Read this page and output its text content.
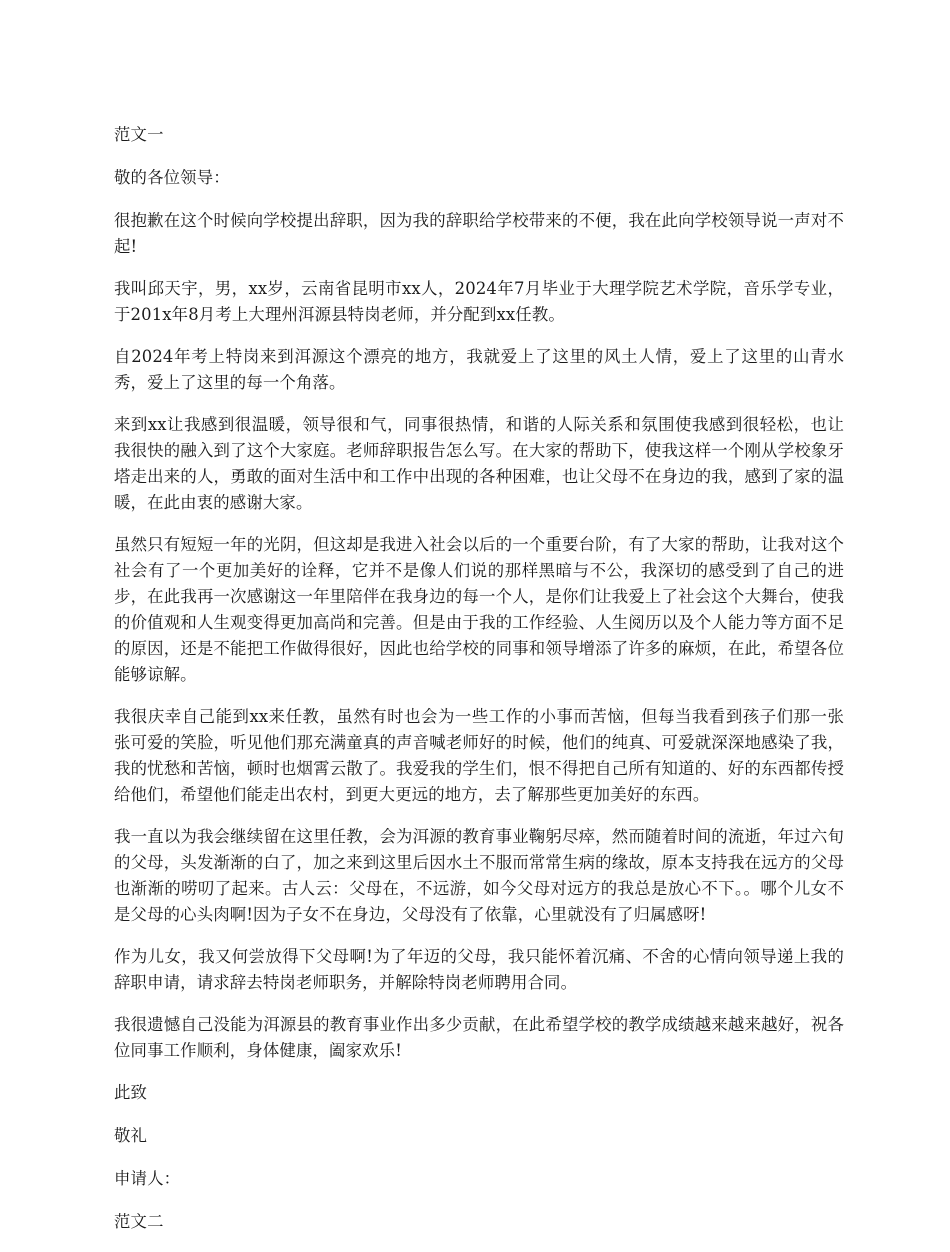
范文一

敬的各位领导：

很抱歉在这个时候向学校提出辞职，因为我的辞职给学校带来的不便，我在此向学校领导说一声对不起!

我叫邱天宇，男，xx岁，云南省昆明市xx人，2024年7月毕业于大理学院艺术学院，音乐学专业，于201x年8月考上大理州洱源县特岗老师，并分配到xx任教。

自2024年考上特岗来到洱源这个漂亮的地方，我就爱上了这里的风土人情，爱上了这里的山青水秀，爱上了这里的每一个角落。

来到xx让我感到很温暖，领导很和气，同事很热情，和谐的人际关系和氛围使我感到很轻松，也让我很快的融入到了这个大家庭。老师辞职报告怎么写。在大家的帮助下，使我这样一个刚从学校象牙塔走出来的人，勇敢的面对生活中和工作中出现的各种困难，也让父母不在身边的我，感到了家的温暖，在此由衷的感谢大家。

虽然只有短短一年的光阴，但这却是我进入社会以后的一个重要台阶，有了大家的帮助，让我对这个社会有了一个更加美好的诠释，它并不是像人们说的那样黑暗与不公，我深切的感受到了自己的进步，在此我再一次感谢这一年里陪伴在我身边的每一个人，是你们让我爱上了社会这个大舞台，使我的价值观和人生观变得更加高尚和完善。但是由于我的工作经验、人生阅历以及个人能力等方面不足的原因，还是不能把工作做得很好，因此也给学校的同事和领导增添了许多的麻烦，在此，希望各位能够谅解。

我很庆幸自己能到xx来任教，虽然有时也会为一些工作的小事而苦恼，但每当我看到孩子们那一张张可爱的笑脸，听见他们那充满童真的声音喊老师好的时候，他们的纯真、可爱就深深地感染了我，我的忧愁和苦恼，顿时也烟霄云散了。我爱我的学生们，恨不得把自己所有知道的、好的东西都传授 给他们，希望他们能走出农村，到更大更远的地方，去了解那些更加美好的东西。

我一直以为我会继续留在这里任教，会为洱源的教育事业鞠躬尽瘁，然而随着时间的流逝，年过六旬的父母，头发渐渐的白了，加之来到这里后因水土不服而常常生病的缘故，原本支持我在远方的父母也渐渐的唠叨了起来。古人云：父母在，不远游，如今父母对远方的我总是放心不下。。哪个儿女不是父母的心头肉啊!因为子女不在身边，父母没有了依靠，心里就没有了归属感呀!

作为儿女，我又何尝放得下父母啊!为了年迈的父母，我只能怀着沉痛、不舍的心情向领导递上我的辞职申请，请求辞去特岗老师职务，并解除特岗老师聘用合同。

我很遗憾自己没能为洱源县的教育事业作出多少贡献，在此希望学校的教学成绩越来越来越好，祝各位同事工作顺利，身体健康，阖家欢乐!

此致

敬礼

申请人：

范文二
